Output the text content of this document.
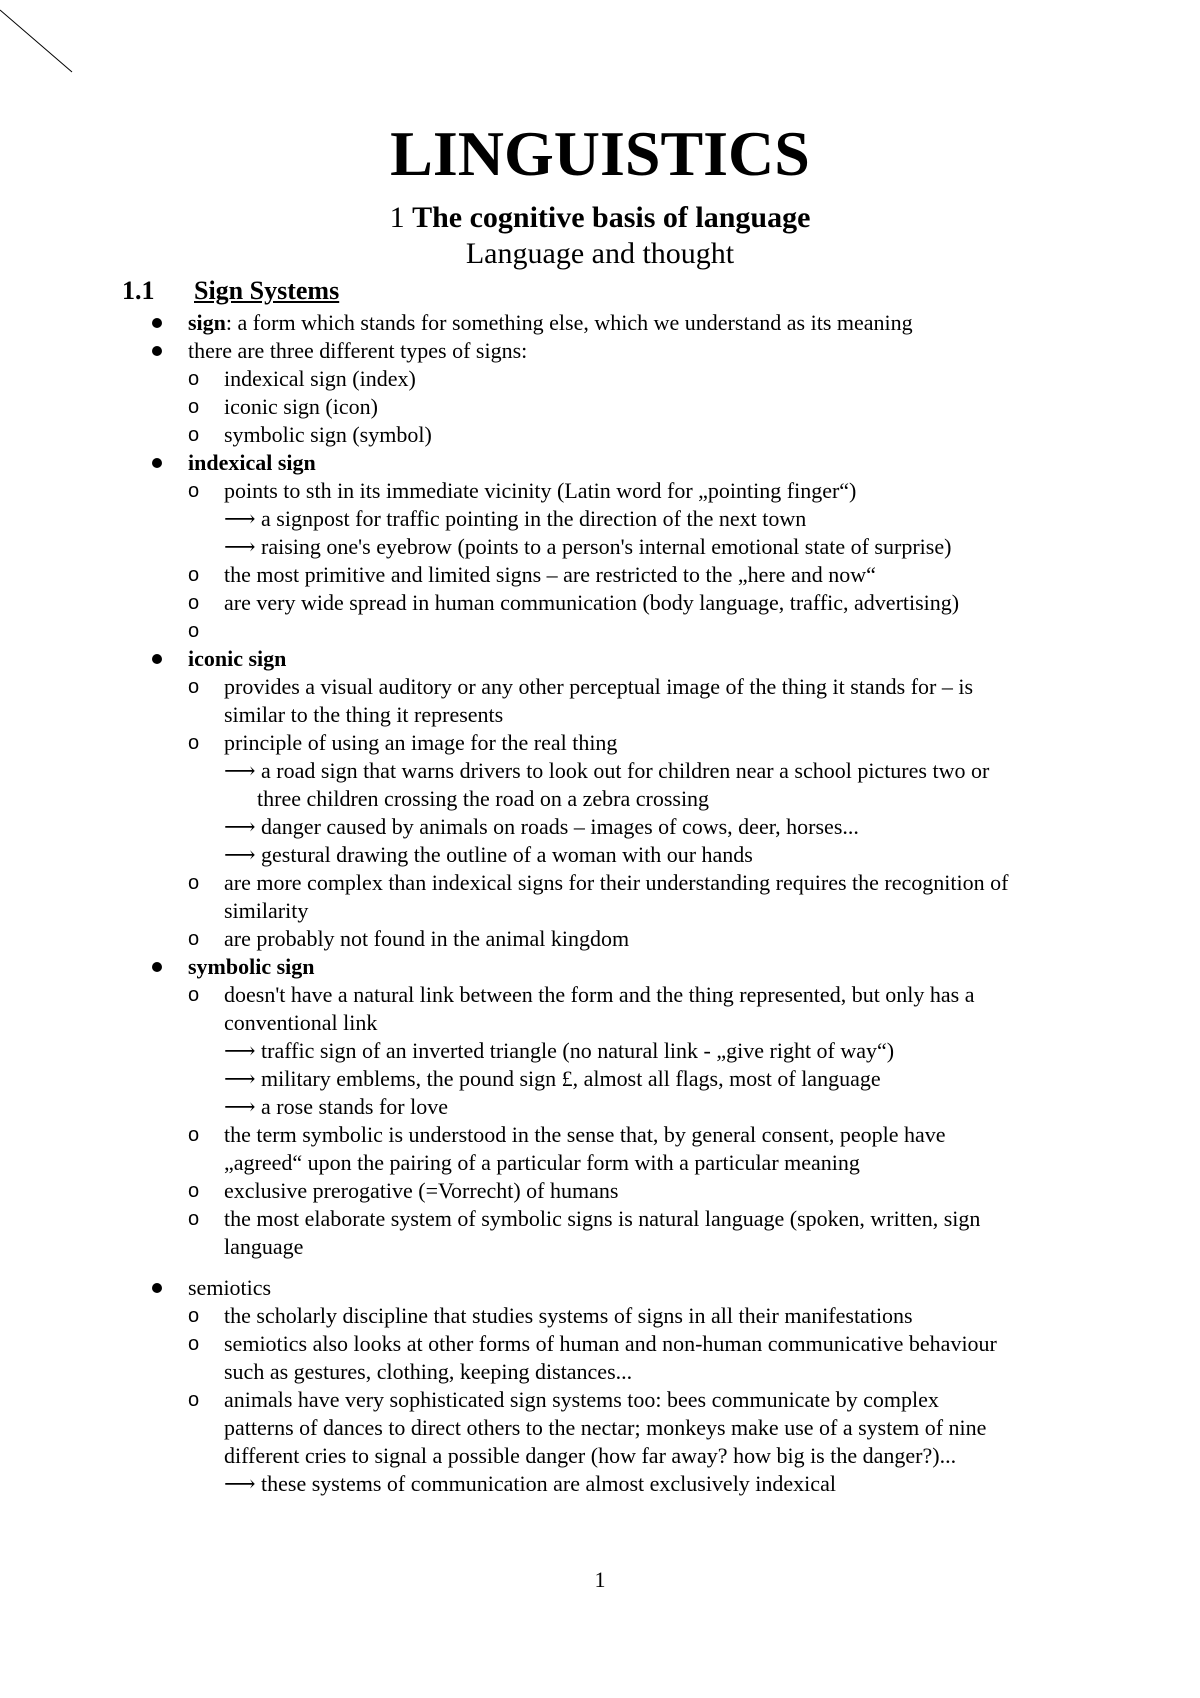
LINGUISTICS
1 The cognitive basis of language
Language and thought
1.1 Sign Systems
sign: a form which stands for something else, which we understand as its meaning
there are three different types of signs:
o indexical sign (index)
o iconic sign (icon)
o symbolic sign (symbol)
indexical sign
o points to sth in its immediate vicinity (Latin word for „pointing finger“)
⟶ a signpost for traffic pointing in the direction of the next town
⟶ raising one's eyebrow (points to a person's internal emotional state of surprise)
o the most primitive and limited signs – are restricted to the „here and now“
o are very wide spread in human communication (body language, traffic, advertising)
o
iconic sign
o provides a visual auditory or any other perceptual image of the thing it stands for – is
similar to the thing it represents
o principle of using an image for the real thing
⟶ a road sign that warns drivers to look out for children near a school pictures two or
three children crossing the road on a zebra crossing
⟶ danger caused by animals on roads – images of cows, deer, horses...
⟶ gestural drawing the outline of a woman with our hands
o are more complex than indexical signs for their understanding requires the recognition of
similarity
o are probably not found in the animal kingdom
symbolic sign
o doesn't have a natural link between the form and the thing represented, but only has a
conventional link
⟶ traffic sign of an inverted triangle (no natural link - „give right of way“)
⟶ military emblems, the pound sign £, almost all flags, most of language
⟶ a rose stands for love
o the term symbolic is understood in the sense that, by general consent, people have
„agreed“ upon the pairing of a particular form with a particular meaning
o exclusive prerogative (=Vorrecht) of humans
o the most elaborate system of symbolic signs is natural language (spoken, written, sign
language
semiotics
o the scholarly discipline that studies systems of signs in all their manifestations
o semiotics also looks at other forms of human and non-human communicative behaviour
such as gestures, clothing, keeping distances...
o animals have very sophisticated sign systems too: bees communicate by complex
patterns of dances to direct others to the nectar; monkeys make use of a system of nine
different cries to signal a possible danger (how far away? how big is the danger?)...
⟶ these systems of communication are almost exclusively indexical
1
